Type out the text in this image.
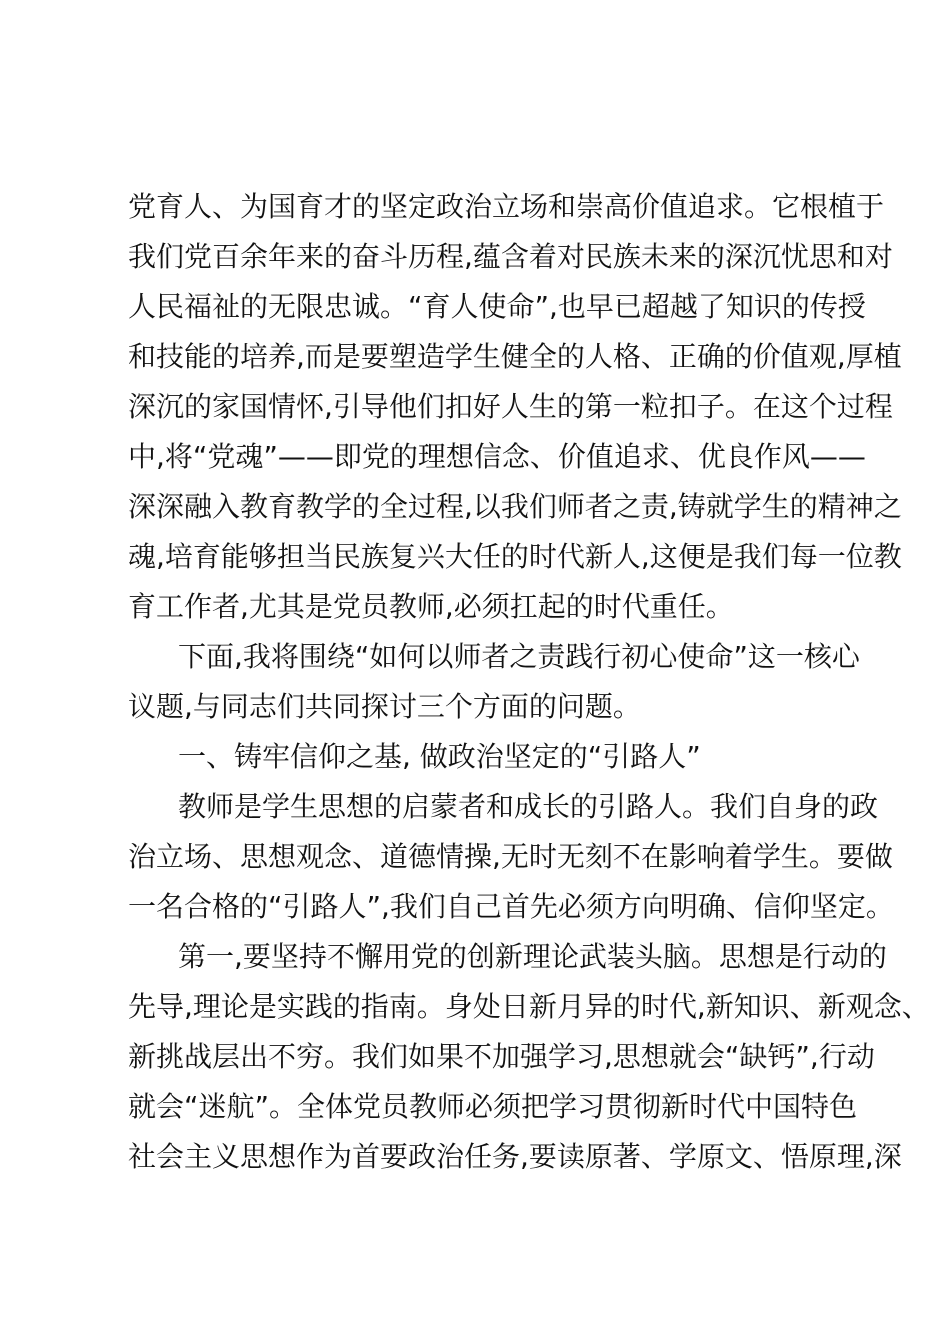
党育人、为国育才的坚定政治立场和崇高价值追求。它根植于
我们党百余年来的奋斗历程,蕴含着对民族未来的深沉忧思和对
人民福祉的无限忠诚。“育人使命”,也早已超越了知识的传授
和技能的培养,而是要塑造学生健全的人格、正确的价值观,厚植
深沉的家国情怀,引导他们扣好人生的第一粒扣子。在这个过程
中,将“党魂”——即党的理想信念、价值追求、优良作风——
深深融入教育教学的全过程,以我们师者之责,铸就学生的精神之
魂,培育能够担当民族复兴大任的时代新人,这便是我们每一位教
育工作者,尤其是党员教师,必须扛起的时代重任。
下面,我将围绕“如何以师者之责践行初心使命”这一核心
议题,与同志们共同探讨三个方面的问题。
一、铸牢信仰之基, 做政治坚定的“引路人”
教师是学生思想的启蒙者和成长的引路人。我们自身的政
治立场、思想观念、道德情操,无时无刻不在影响着学生。要做
一名合格的“引路人”,我们自己首先必须方向明确、信仰坚定。
第一,要坚持不懈用党的创新理论武装头脑。思想是行动的
先导,理论是实践的指南。身处日新月异的时代,新知识、新观念、
新挑战层出不穷。我们如果不加强学习,思想就会“缺钙”,行动
就会“迷航”。全体党员教师必须把学习贯彻新时代中国特色
社会主义思想作为首要政治任务,要读原著、学原文、悟原理,深
